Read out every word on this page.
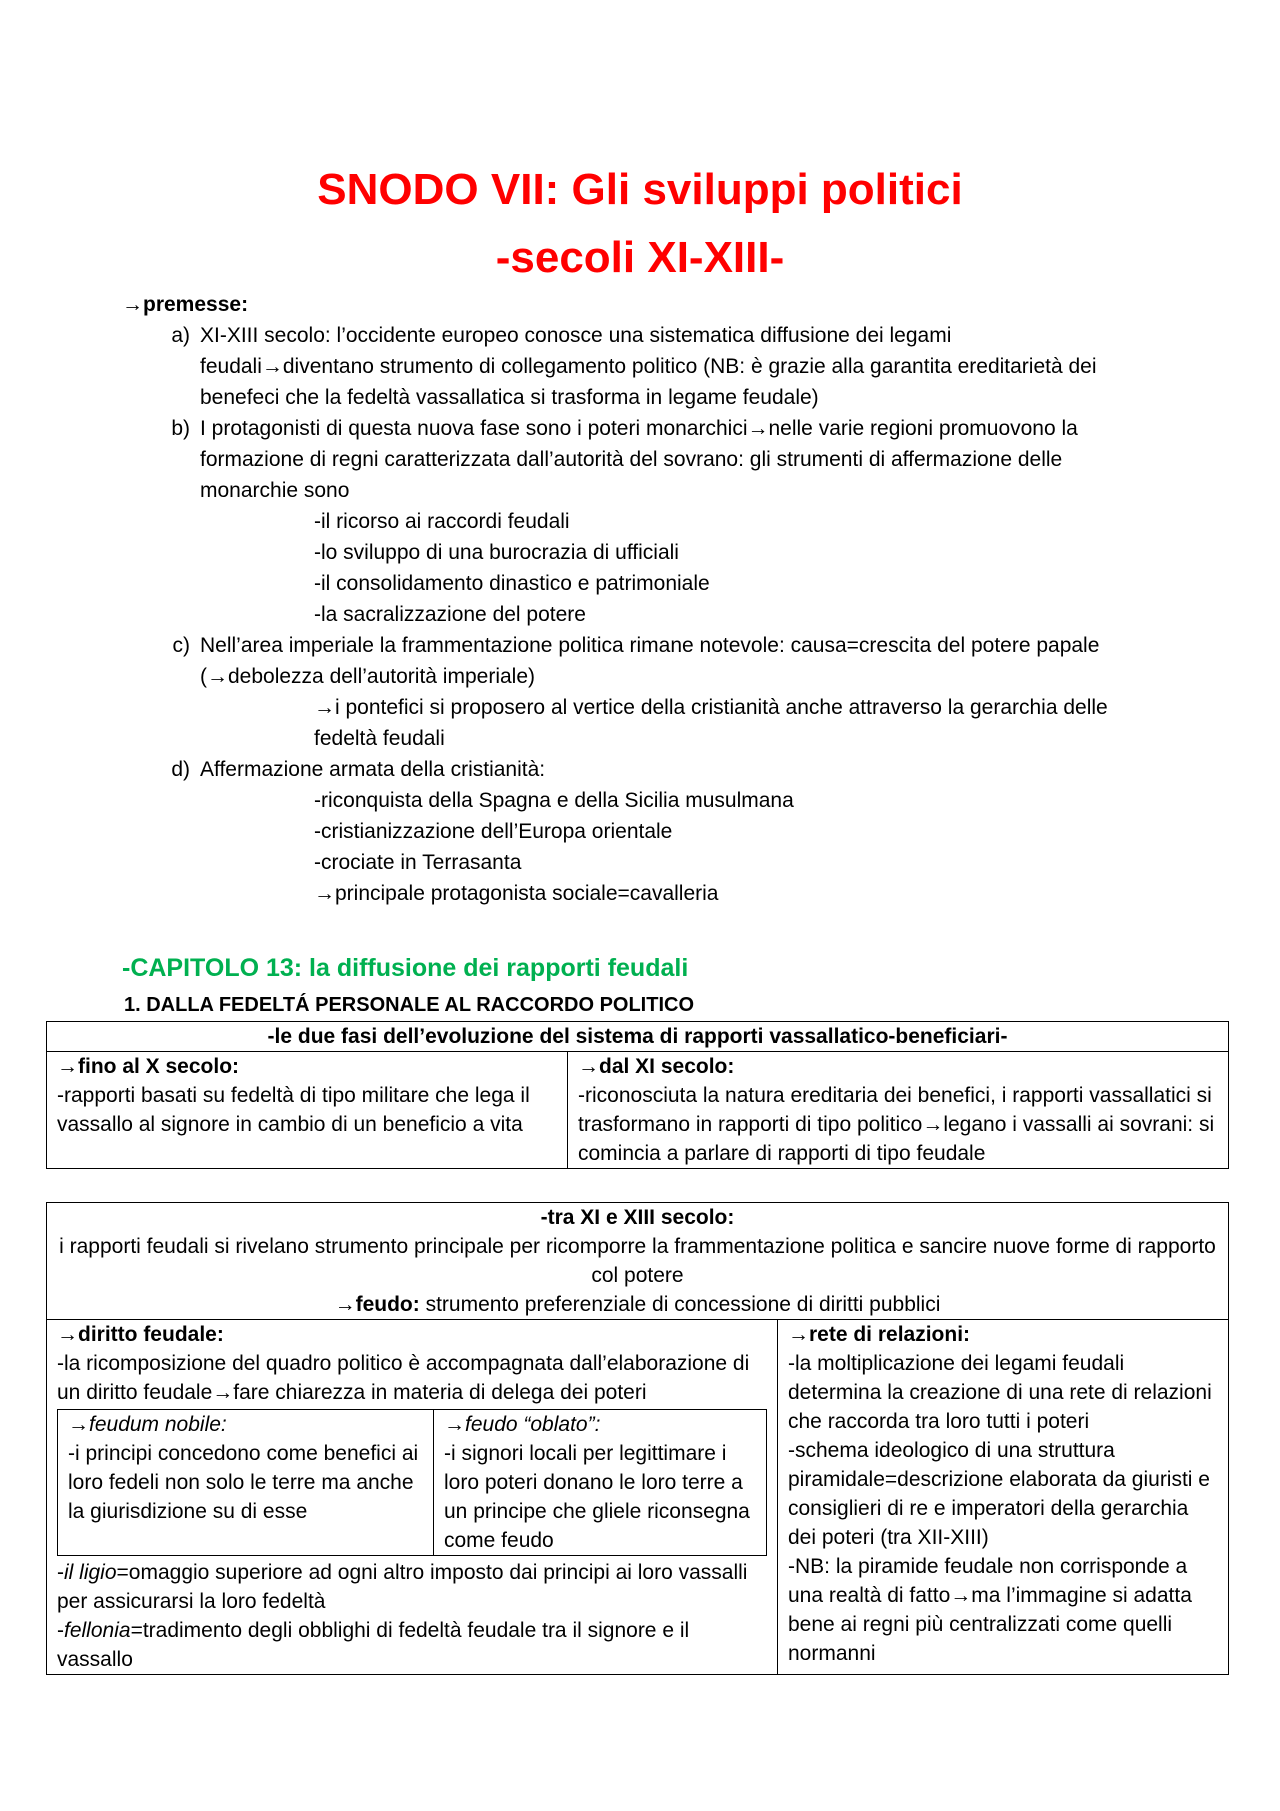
SNODO VII: Gli sviluppi politici
-secoli XI-XIII-
→premesse:
a) XI-XIII secolo: l’occidente europeo conosce una sistematica diffusione dei legami
feudali→diventano strumento di collegamento politico (NB: è grazie alla garantita ereditarietà dei
benefeci che la fedeltà vassallatica si trasforma in legame feudale)
b) I protagonisti di questa nuova fase sono i poteri monarchici→nelle varie regioni promuovono la
formazione di regni caratterizzata dall’autorità del sovrano: gli strumenti di affermazione delle
monarchie sono
-il ricorso ai raccordi feudali
-lo sviluppo di una burocrazia di ufficiali
-il consolidamento dinastico e patrimoniale
-la sacralizzazione del potere
c) Nell’area imperiale la frammentazione politica rimane notevole: causa=crescita del potere papale
(→debolezza dell’autorità imperiale)
→i pontefici si proposero al vertice della cristianità anche attraverso la gerarchia delle
fedeltà feudali
d) Affermazione armata della cristianità:
-riconquista della Spagna e della Sicilia musulmana
-cristianizzazione dell’Europa orientale
-crociate in Terrasanta
→principale protagonista sociale=cavalleria
-CAPITOLO 13: la diffusione dei rapporti feudali
1. DALLA FEDELTÁ PERSONALE AL RACCORDO POLITICO
-le due fasi dell’evoluzione del sistema di rapporti vassallatico-beneficiari-

→fino al X secolo:
-rapporti basati su fedeltà di tipo militare che lega il vassallo al signore in cambio di un beneficio a vita

→dal XI secolo:
-riconosciuta la natura ereditaria dei benefici, i rapporti vassallatici si trasformano in rapporti di tipo politico→legano i vassalli ai sovrani: si comincia a parlare di rapporti di tipo feudale
-tra XI e XIII secolo:
i rapporti feudali si rivelano strumento principale per ricomporre la frammentazione politica e sancire nuove forme di rapporto col potere
→feudo: strumento preferenziale di concessione di diritti pubblici

→diritto feudale:
-la ricomposizione del quadro politico è accompagnata dall’elaborazione di un diritto feudale→fare chiarezza in materia di delega dei poteri
→feudum nobile:
-i principi concedono come benefici ai loro fedeli non solo le terre ma anche la giurisdizione su di esse

→feudo “oblato”:
-i signori locali per legittimare i loro poteri donano le loro terre a un principe che gliele riconsegna come feudo
-il ligio=omaggio superiore ad ogni altro imposto dai principi ai loro vassalli per assicurarsi la loro fedeltà
-fellonia=tradimento degli obblighi di fedeltà feudale tra il signore e il vassallo

→rete di relazioni:
-la moltiplicazione dei legami feudali determina la creazione di una rete di relazioni che raccorda tra loro tutti i poteri
-schema ideologico di una struttura piramidale=descrizione elaborata da giuristi e consiglieri di re e imperatori della gerarchia dei poteri (tra XII-XIII)
-NB: la piramide feudale non corrisponde a una realtà di fatto→ma l’immagine si adatta bene ai regni più centralizzati come quelli normanni
